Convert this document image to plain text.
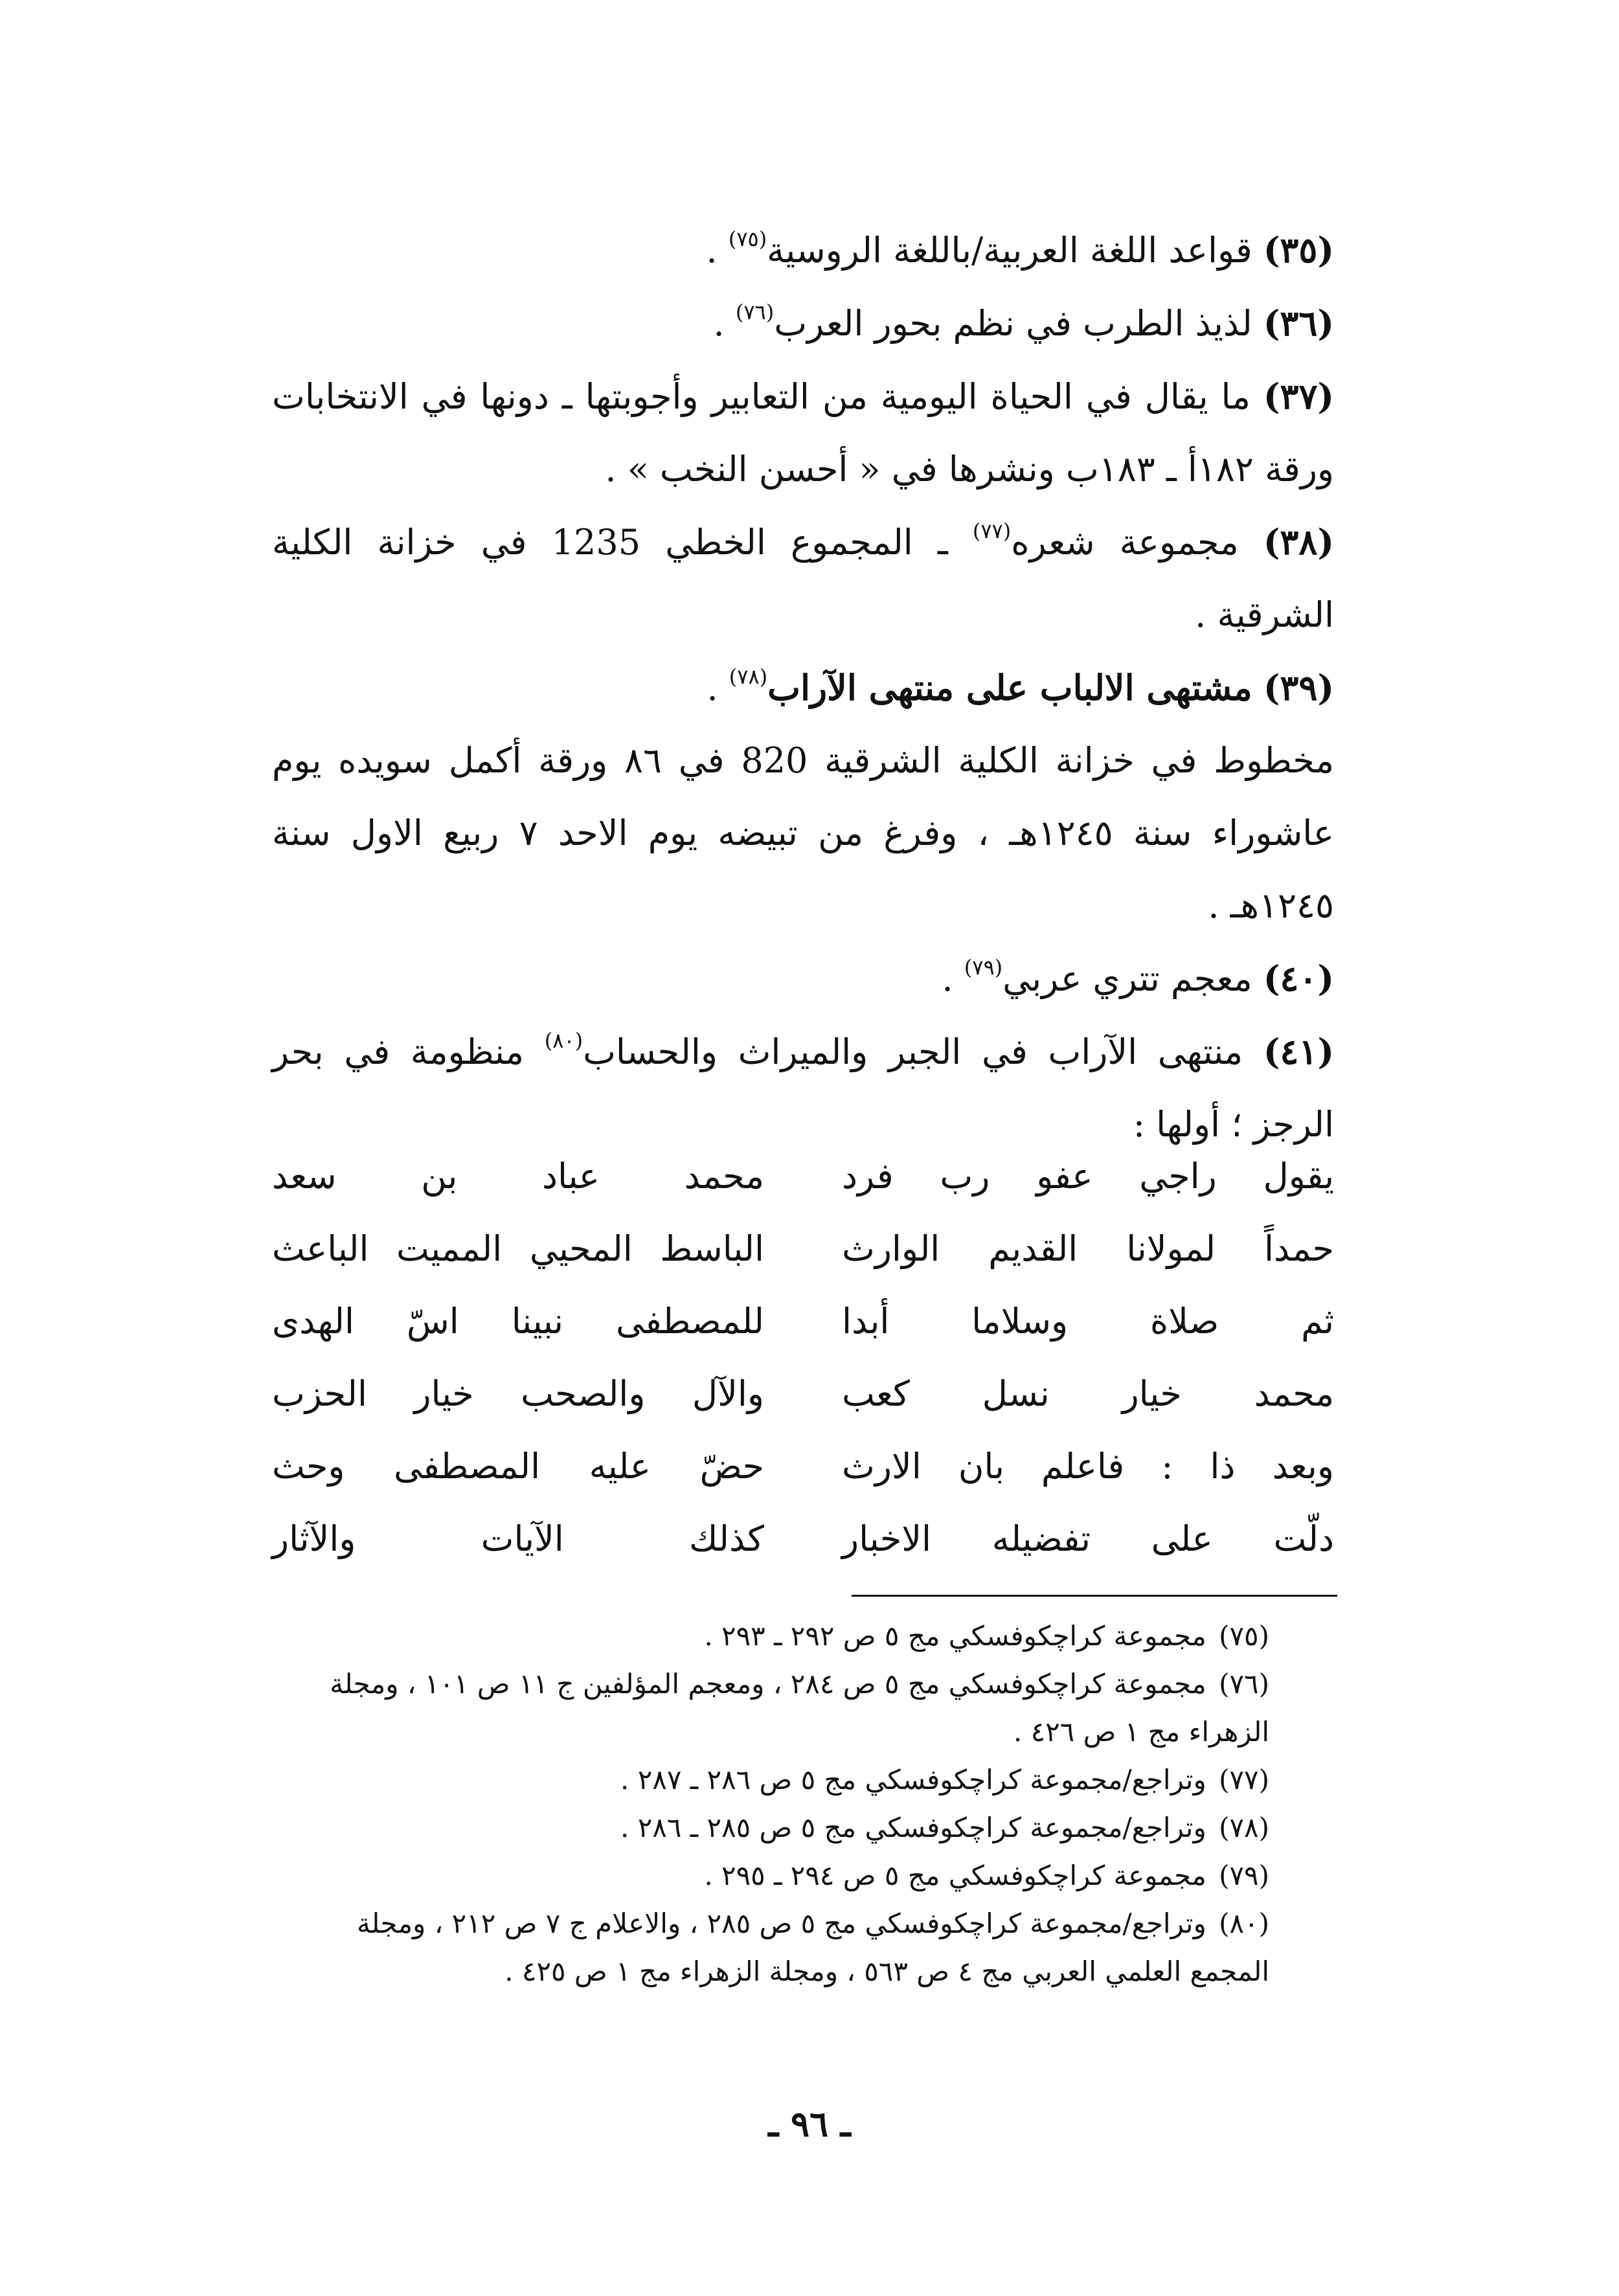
(٣٥) قواعد اللغة العربية/باللغة الروسية$^{(٧٥)}$ .

(٣٦) لذيذ الطرب في نظم بحور العرب$^{(٧٦)}$ .

(٣٧) ما يقال في الحياة اليومية من التعابير وأجوبتها ـ دونها في الانتخابات ورقة ١٨٢أ ـ ١٨٣ب ونشرها في « أحسن النخب » .

(٣٨) مجموعة شعره$^{(٧٧)}$ ـ المجموع الخطي 1235 في خزانة الكلية الشرقية .

(٣٩) مشتهى الالباب على منتهى الآراب$^{(٧٨)}$ .

مخطوط في خزانة الكلية الشرقية 820 في ٨٦ ورقة أكمل سويده يوم عاشوراء سنة ١٢٤٥هـ ، وفرغ من تبيضه يوم الاحد ٧ ربيع الاول سنة ١٢٤٥هـ .

(٤٠) معجم تتري عربي$^{(٧٩)}$ .

(٤١) منتهى الآراب في الجبر والميراث والحساب$^{(٨٠)}$ منظومة في بحر الرجز ؛ أولها :

يقول راجي عفو رب فرد
محمد عباد بن سعد
حمداً لمولانا القديم الوارث
الباسط المحيي المميت الباعث
ثم صلاة وسلاما أبدا
للمصطفى نبينا اسّ الهدى
محمد خيار نسل كعب
والآل والصحب خيار الحزب
وبعد ذا : فاعلم بان الارث
حضّ عليه المصطفى وحث
دلّت على تفضيله الاخبار
كذلك الآيات والآثار

(٧٥) مجموعة كراچكوفسكي مج ٥ ص ٢٩٢ ـ ٢٩٣ .

(٧٦) مجموعة كراچكوفسكي مج ٥ ص ٢٨٤ ، ومعجم المؤلفين ج ١١ ص ١٠١ ، ومجلة الزهراء مج ١ ص ٤٢٦ .

(٧٧) وتراجع/مجموعة كراچكوفسكي مج ٥ ص ٢٨٦ ـ ٢٨٧ .

(٧٨) وتراجع/مجموعة كراچكوفسكي مج ٥ ص ٢٨٥ ـ ٢٨٦ .

(٧٩) مجموعة كراچكوفسكي مج ٥ ص ٢٩٤ ـ ٢٩٥ .

(٨٠) وتراجع/مجموعة كراچكوفسكي مج ٥ ص ٢٨٥ ، والاعلام ج ٧ ص ٢١٢ ، ومجلة المجمع العلمي العربي مج ٤ ص ٥٦٣ ، ومجلة الزهراء مج ١ ص ٤٢٥ .

ـ ٩٦ ـ
